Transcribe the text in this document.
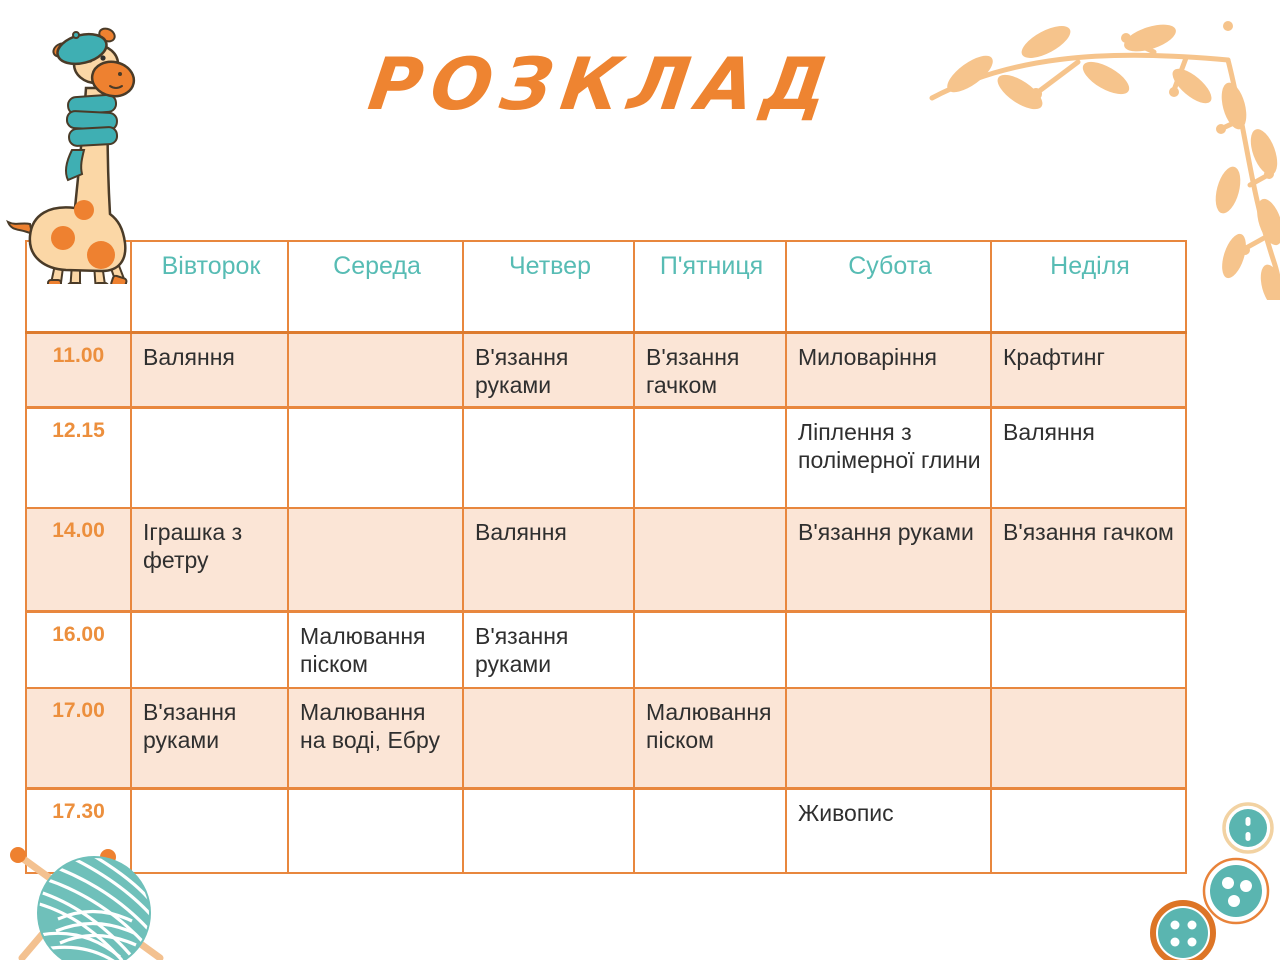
РОЗКЛАД
	Вівторок	Середа	Четвер	П'ятниця	Субота	Неділя
11.00	Валяння		В'язання руками	В'язання гачком	Миловаріння	Крафтинг
12.15					Ліплення з полімерної глини	Валяння
14.00	Іграшка з фетру		Валяння		В'язання руками	В'язання гачком
16.00		Малювання піском	В'язання руками			
17.00	В'язання руками	Малювання на воді, Ебру		Малювання піском		
17.30					Живопис	
